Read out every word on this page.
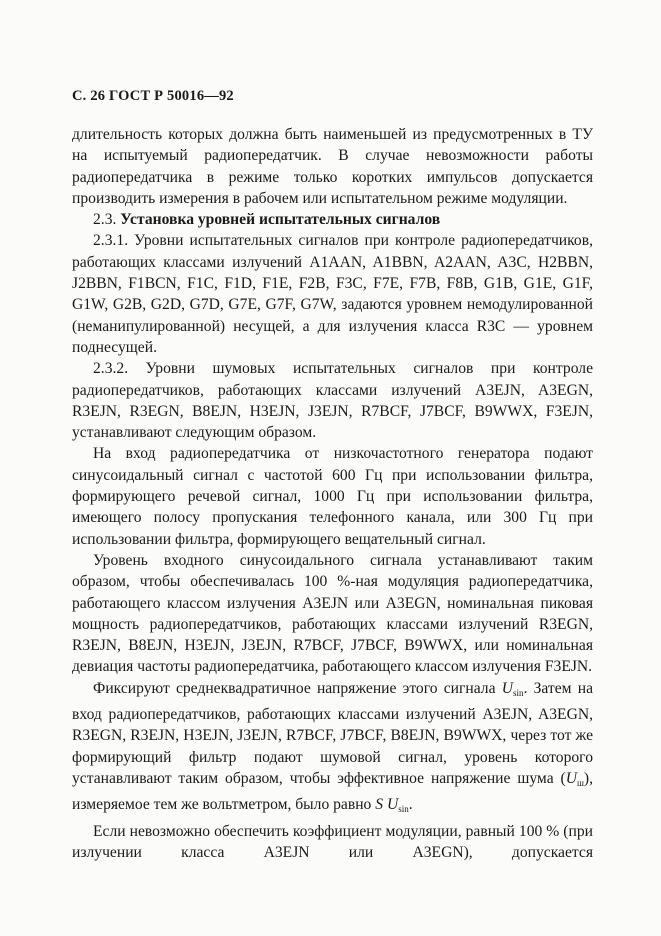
С. 26 ГОСТ Р 50016—92

длительность которых должна быть наименьшей из предусмотренных в ТУ на испытуемый радиопередатчик. В случае невозможности работы радиопередатчика в режиме только коротких импульсов допускается производить измерения в рабочем или испытательном режиме модуляции.

2.3. Установка уровней испытательных сигналов

2.3.1. Уровни испытательных сигналов при контроле радиопередатчиков, работающих классами излучений A1AAN, A1BBN, A2AAN, A3C, H2BBN, J2BBN, F1BCN, F1C, F1D, F1E, F2B, F3C, F7E, F7B, F8B, G1B, G1E, G1F, G1W, G2B, G2D, G7D, G7E, G7F, G7W, задаются уровнем немодулированной (неманипулированной) несущей, а для излучения класса R3C — уровнем поднесущей.

2.3.2. Уровни шумовых испытательных сигналов при контроле радиопередатчиков, работающих классами излучений A3EJN, A3EGN, R3EJN, R3EGN, B8EJN, H3EJN, J3EJN, R7BCF, J7BCF, B9WWX, F3EJN, устанавливают следующим образом.

На вход радиопередатчика от низкочастотного генератора подают синусоидальный сигнал с частотой 600 Гц при использовании фильтра, формирующего речевой сигнал, 1000 Гц при использовании фильтра, имеющего полосу пропускания телефонного канала, или 300 Гц при использовании фильтра, формирующего вещательный сигнал.

Уровень входного синусоидального сигнала устанавливают таким образом, чтобы обеспечивалась 100 %-ная модуляция радиопередатчика, работающего классом излучения A3EJN или A3EGN, номинальная пиковая мощность радиопередатчиков, работающих классами излучений R3EGN, R3EJN, B8EJN, H3EJN, J3EJN, R7BCF, J7BCF, B9WWX, или номинальная девиация частоты радиопередатчика, работающего классом излучения F3EJN.

Фиксируют среднеквадратичное напряжение этого сигнала $U_{sin}$. Затем на вход радиопередатчиков, работающих классами излучений A3EJN, A3EGN, R3EGN, R3EJN, H3EJN, J3EJN, R7BCF, J7BCF, B8EJN, B9WWX, через тот же формирующий фильтр подают шумовой сигнал, уровень которого устанавливают таким образом, чтобы эффективное напряжение шума $(U_ш)$, измеряемое тем же вольтметром, было равно S $U_{sin}$.

Если невозможно обеспечить коэффициент модуляции, равный 100 % (при излучении класса A3EJN или A3EGN), допускается
